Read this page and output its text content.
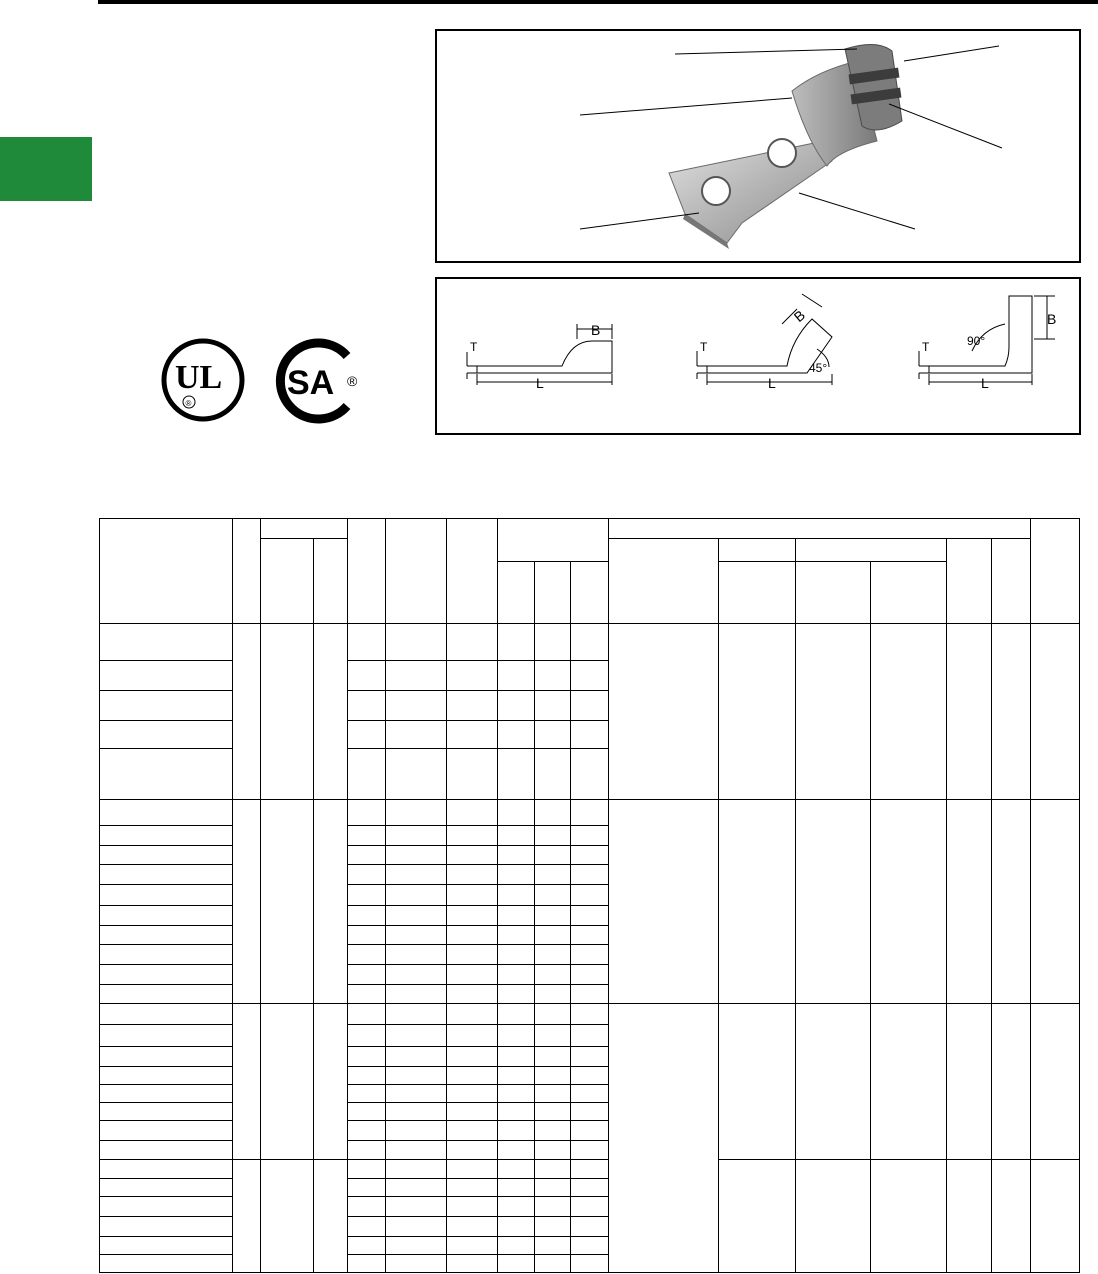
T
B
L
T
B
L
45°
T
B
L
90°
UL
®
SA ®
